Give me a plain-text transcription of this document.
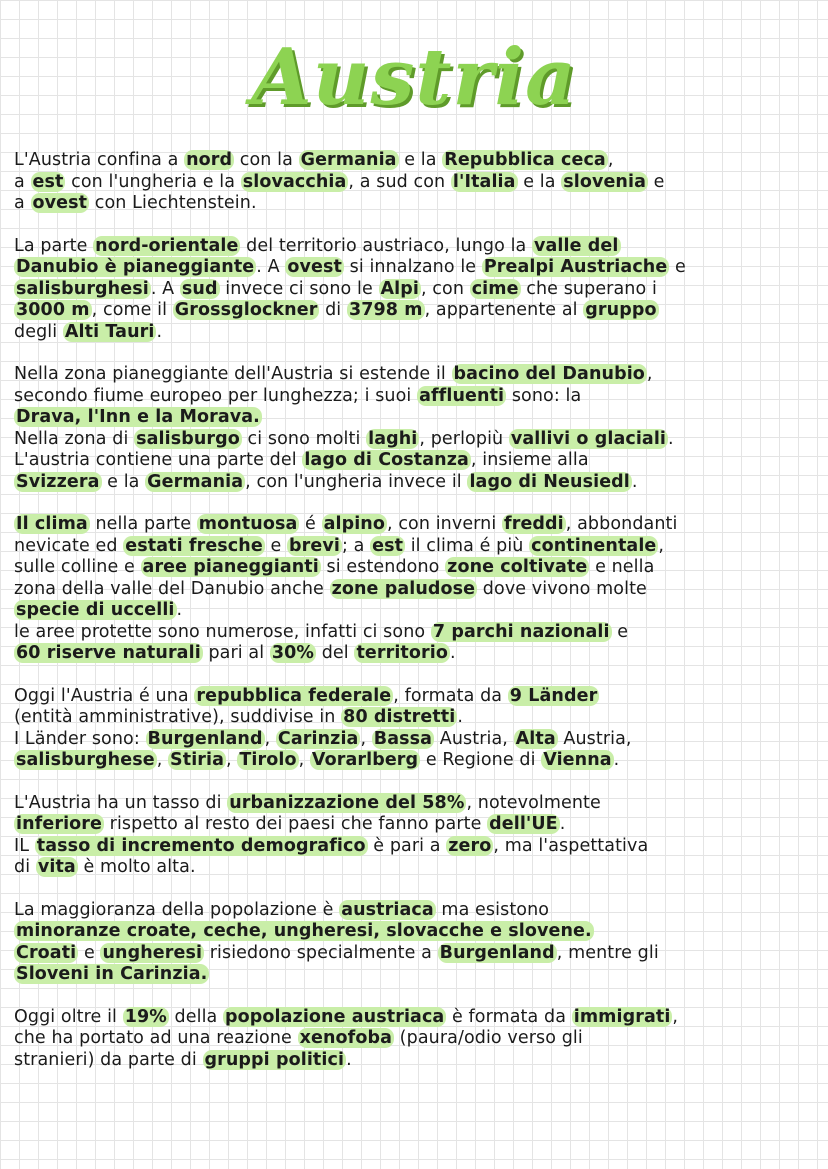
Austria
L'Austria confina a nord con la Germania e la Repubblica ceca ,
a est con l'ungheria e la slovacchia , a sud con l'Italia e la slovenia e
a ovest con Liechtenstein.
La parte nord-orientale del territorio austriaco, lungo la valle del
Danubio è pianeggiante . A ovest si innalzano le Prealpi Austriache e
salisburghesi . A sud invece ci sono le Alpi , con cime che superano i
3000 m , come il Grossglockner di 3798 m , appartenente al gruppo
degli Alti Tauri .
Nella zona pianeggiante dell'Austria si estende il bacino del Danubio ,
secondo fiume europeo per lunghezza; i suoi affluenti sono: la
Drava, l'Inn e la Morava.
Nella zona di salisburgo ci sono molti laghi , perlopiù vallivi o glaciali .
L'austria contiene una parte del lago di Costanza , insieme alla
Svizzera e la Germania , con l'ungheria invece il lago di Neusiedl .
Il clima nella parte montuosa é alpino , con inverni freddi , abbondanti
nevicate ed estati fresche e brevi ; a est il clima é più continentale ,
sulle colline e aree pianeggianti si estendono zone coltivate e nella
zona della valle del Danubio anche zone paludose dove vivono molte
specie di uccelli .
le aree protette sono numerose, infatti ci sono 7 parchi nazionali e
60 riserve naturali pari al 30% del territorio .
Oggi l'Austria é una repubblica federale , formata da 9 Länder
(entità amministrative), suddivise in 80 distretti .
I Länder sono: Burgenland , Carinzia , Bassa Austria, Alta Austria,
salisburghese , Stiria , Tirolo , Vorarlberg e Regione di Vienna .
L'Austria ha un tasso di urbanizzazione del 58% , notevolmente
inferiore rispetto al resto dei paesi che fanno parte dell'UE .
IL tasso di incremento demografico è pari a zero , ma l'aspettativa
di vita è molto alta.
La maggioranza della popolazione è austriaca ma esistono
minoranze croate, ceche, ungheresi, slovacche e slovene.
Croati e ungheresi risiedono specialmente a Burgenland , mentre gli
Sloveni in Carinzia.
Oggi oltre il 19% della popolazione austriaca è formata da immigrati ,
che ha portato ad una reazione xenofoba (paura/odio verso gli
stranieri) da parte di gruppi politici .
